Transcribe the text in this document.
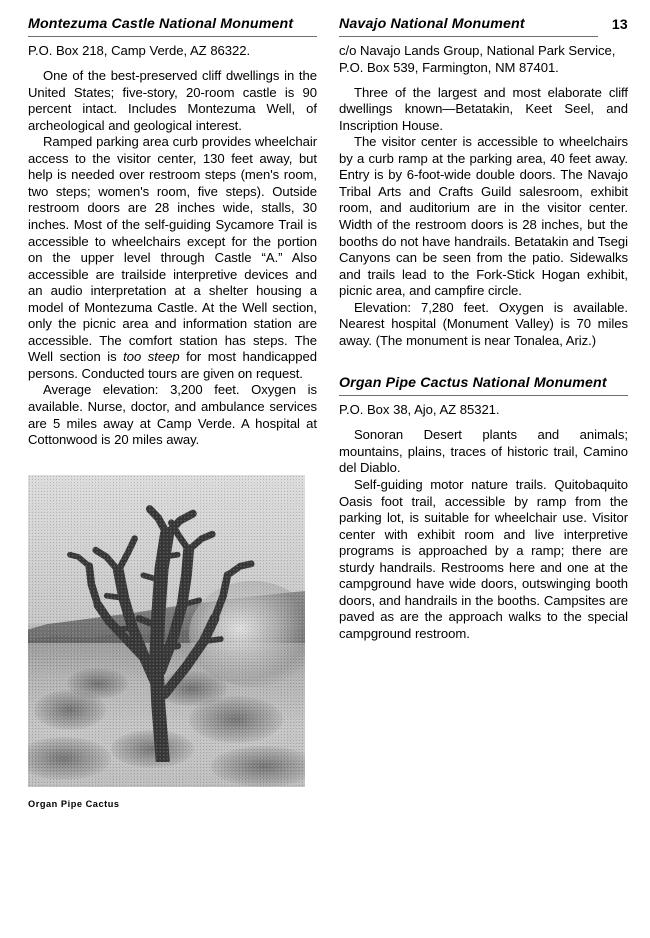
Montezuma Castle National Monument

P.O. Box 218, Camp Verde, AZ 86322.

One of the best-preserved cliff dwellings in the United States; five-story, 20-room castle is 90 percent intact. Includes Montezuma Well, of archeological and geological interest.

Ramped parking area curb provides wheelchair access to the visitor center, 130 feet away, but help is needed over restroom steps (men's room, two steps; women's room, five steps). Outside restroom doors are 28 inches wide, stalls, 30 inches. Most of the self-guiding Sycamore Trail is accessible to wheelchairs except for the portion on the upper level through Castle “A.” Also accessible are trailside interpretive devices and an audio interpretation at a shelter housing a model of Montezuma Castle. At the Well section, only the picnic area and information station are accessible. The comfort station has steps. The Well section is too steep for most handicapped persons. Conducted tours are given on request.

Average elevation: 3,200 feet. Oxygen is available. Nurse, doctor, and ambulance services are 5 miles away at Camp Verde. A hospital at Cottonwood is 20 miles away.

Organ Pipe Cactus
Navajo National Monument	13

c/o Navajo Lands Group, National Park Service, P.O. Box 539, Farmington, NM 87401.

Three of the largest and most elaborate cliff dwellings known—Betatakin, Keet Seel, and Inscription House.

The visitor center is accessible to wheelchairs by a curb ramp at the parking area, 40 feet away. Entry is by 6-foot-wide double doors. The Navajo Tribal Arts and Crafts Guild salesroom, exhibit room, and auditorium are in the visitor center. Width of the restroom doors is 28 inches, but the booths do not have handrails. Betatakin and Tsegi Canyons can be seen from the patio. Sidewalks and trails lead to the Fork-Stick Hogan exhibit, picnic area, and campfire circle.

Elevation: 7,280 feet. Oxygen is available. Nearest hospital (Monument Valley) is 70 miles away. (The monument is near Tonalea, Ariz.)

Organ Pipe Cactus National Monument

P.O. Box 38, Ajo, AZ 85321.

Sonoran Desert plants and animals; mountains, plains, traces of historic trail, Camino del Diablo.

Self-guiding motor nature trails. Quitobaquito Oasis foot trail, accessible by ramp from the parking lot, is suitable for wheelchair use. Visitor center with exhibit room and live interpretive programs is approached by a ramp; there are sturdy handrails. Restrooms here and one at the campground have wide doors, outswinging booth doors, and handrails in the booths. Campsites are paved as are the approach walks to the special campground restroom.
